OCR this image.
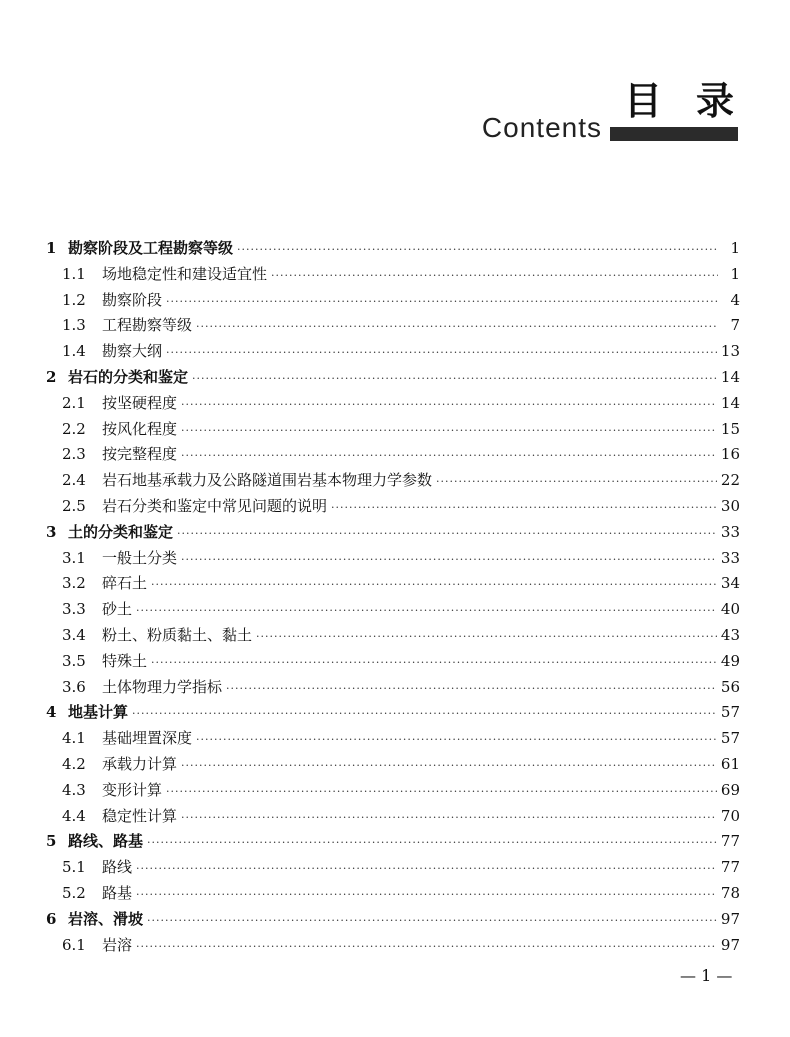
目录
Contents
1 勘察阶段及工程勘察等级 ·····	1
1.1	场地稳定性和建设适宜性 ·····	1
1.2	勘察阶段 ·····	4
1.3	工程勘察等级 ·····	7
1.4	勘察大纲 ·····	13
2 岩石的分类和鉴定 ·····	14
2.1	按坚硬程度 ·····	14
2.2	按风化程度 ·····	15
2.3	按完整程度 ·····	16
2.4	岩石地基承载力及公路隧道围岩基本物理力学参数 ·····	22
2.5	岩石分类和鉴定中常见问题的说明 ·····	30
3 土的分类和鉴定 ·····	33
3.1	一般土分类 ·····	33
3.2	碎石土 ·····	34
3.3	砂土 ·····	40
3.4	粉土、粉质黏土、黏土 ·····	43
3.5	特殊土 ·····	49
3.6	土体物理力学指标 ·····	56
4 地基计算 ·····	57
4.1	基础埋置深度 ·····	57
4.2	承载力计算 ·····	61
4.3	变形计算 ·····	69
4.4	稳定性计算 ·····	70
5 路线、路基 ·····	77
5.1	路线 ·····	77
5.2	路基 ·····	78
6 岩溶、滑坡 ·····	97
6.1	岩溶 ·····	97
— 1 —
